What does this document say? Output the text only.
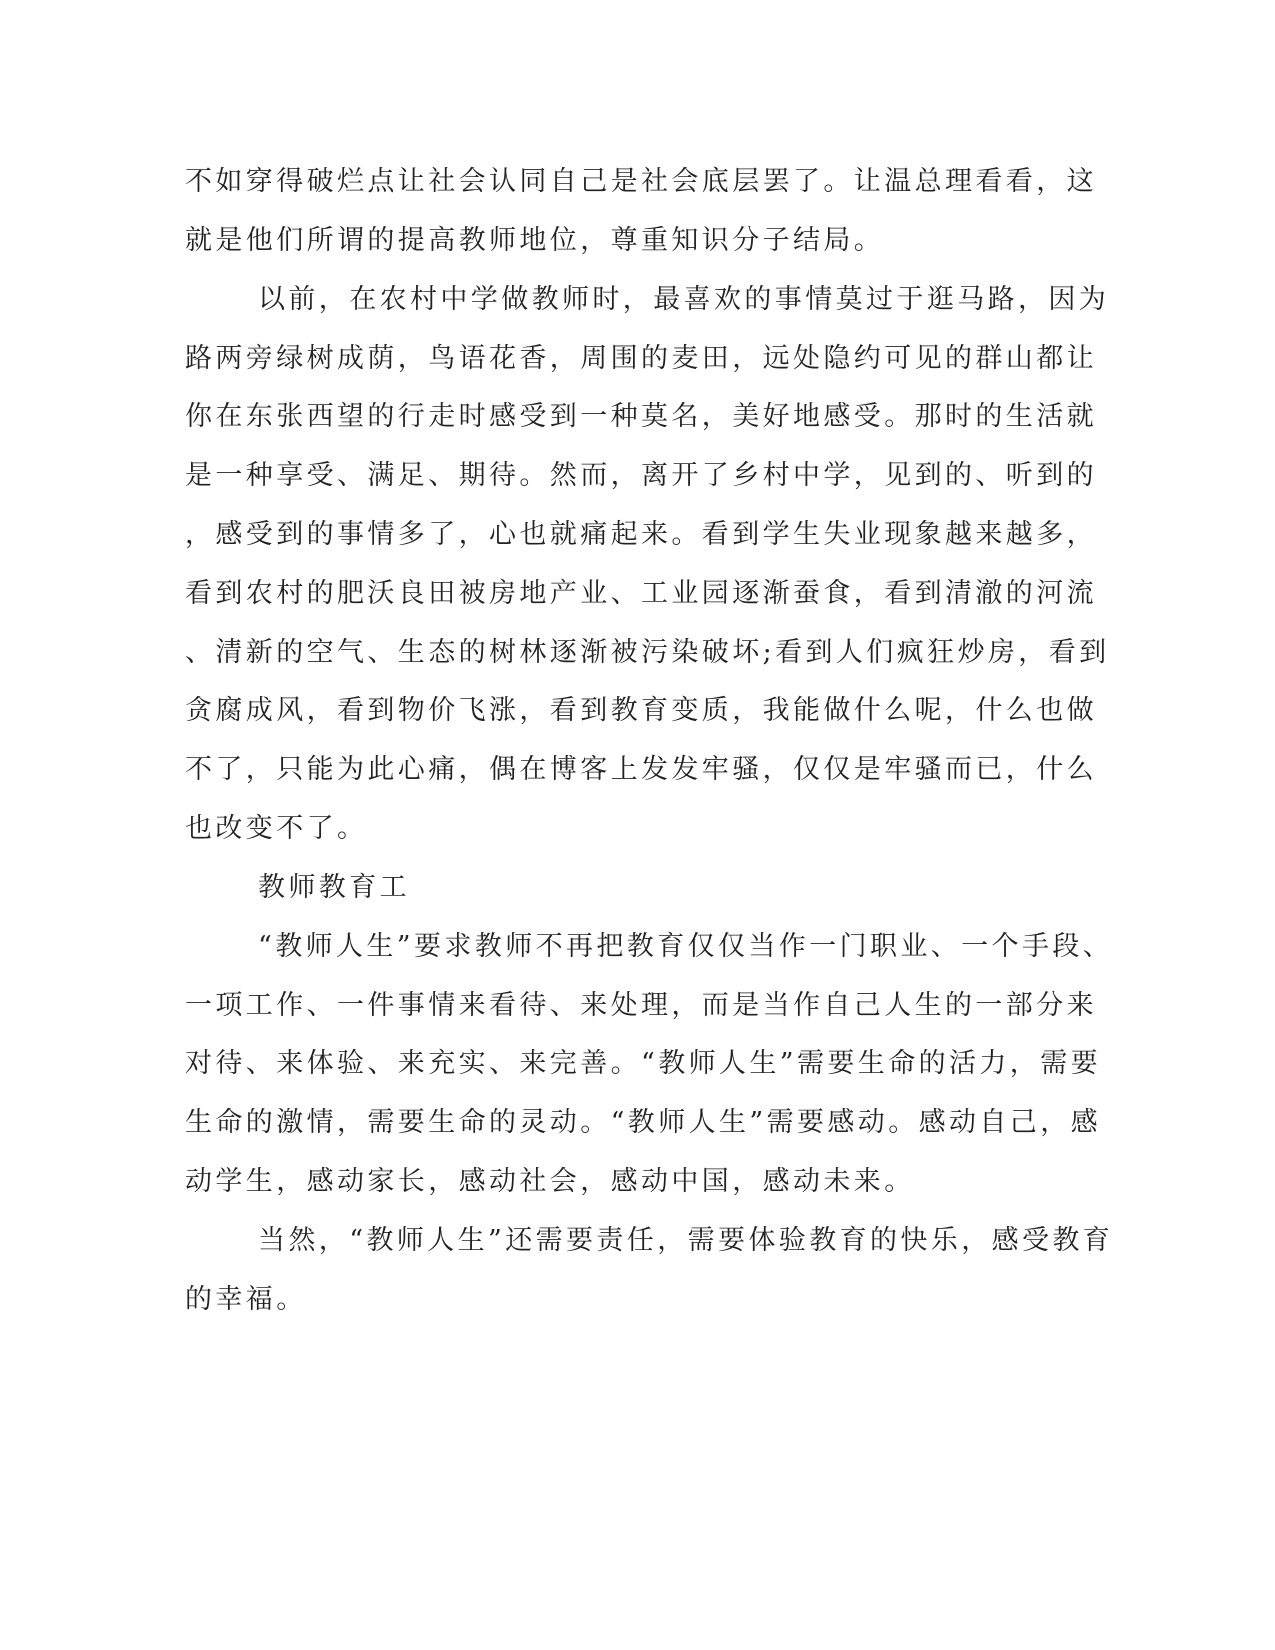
不如穿得破烂点让社会认同自己是社会底层罢了。让温总理看看，这
就是他们所谓的提高教师地位，尊重知识分子结局。
以前，在农村中学做教师时，最喜欢的事情莫过于逛马路，因为
路两旁绿树成荫，鸟语花香，周围的麦田，远处隐约可见的群山都让
你在东张西望的行走时感受到一种莫名，美好地感受。那时的生活就
是一种享受、满足、期待。然而，离开了乡村中学，见到的、听到的
，感受到的事情多了，心也就痛起来。看到学生失业现象越来越多，
看到农村的肥沃良田被房地产业、工业园逐渐蚕食，看到清澈的河流
、清新的空气、生态的树林逐渐被污染破坏;看到人们疯狂炒房，看到
贪腐成风，看到物价飞涨，看到教育变质，我能做什么呢，什么也做
不了，只能为此心痛，偶在博客上发发牢骚，仅仅是牢骚而已，什么
也改变不了。
教师教育工
“教师人生”要求教师不再把教育仅仅当作一门职业、一个手段、
一项工作、一件事情来看待、来处理，而是当作自己人生的一部分来
对待、来体验、来充实、来完善。“教师人生”需要生命的活力，需要
生命的激情，需要生命的灵动。“教师人生”需要感动。感动自己，感
动学生，感动家长，感动社会，感动中国，感动未来。
当然，“教师人生”还需要责任，需要体验教育的快乐，感受教育
的幸福。
